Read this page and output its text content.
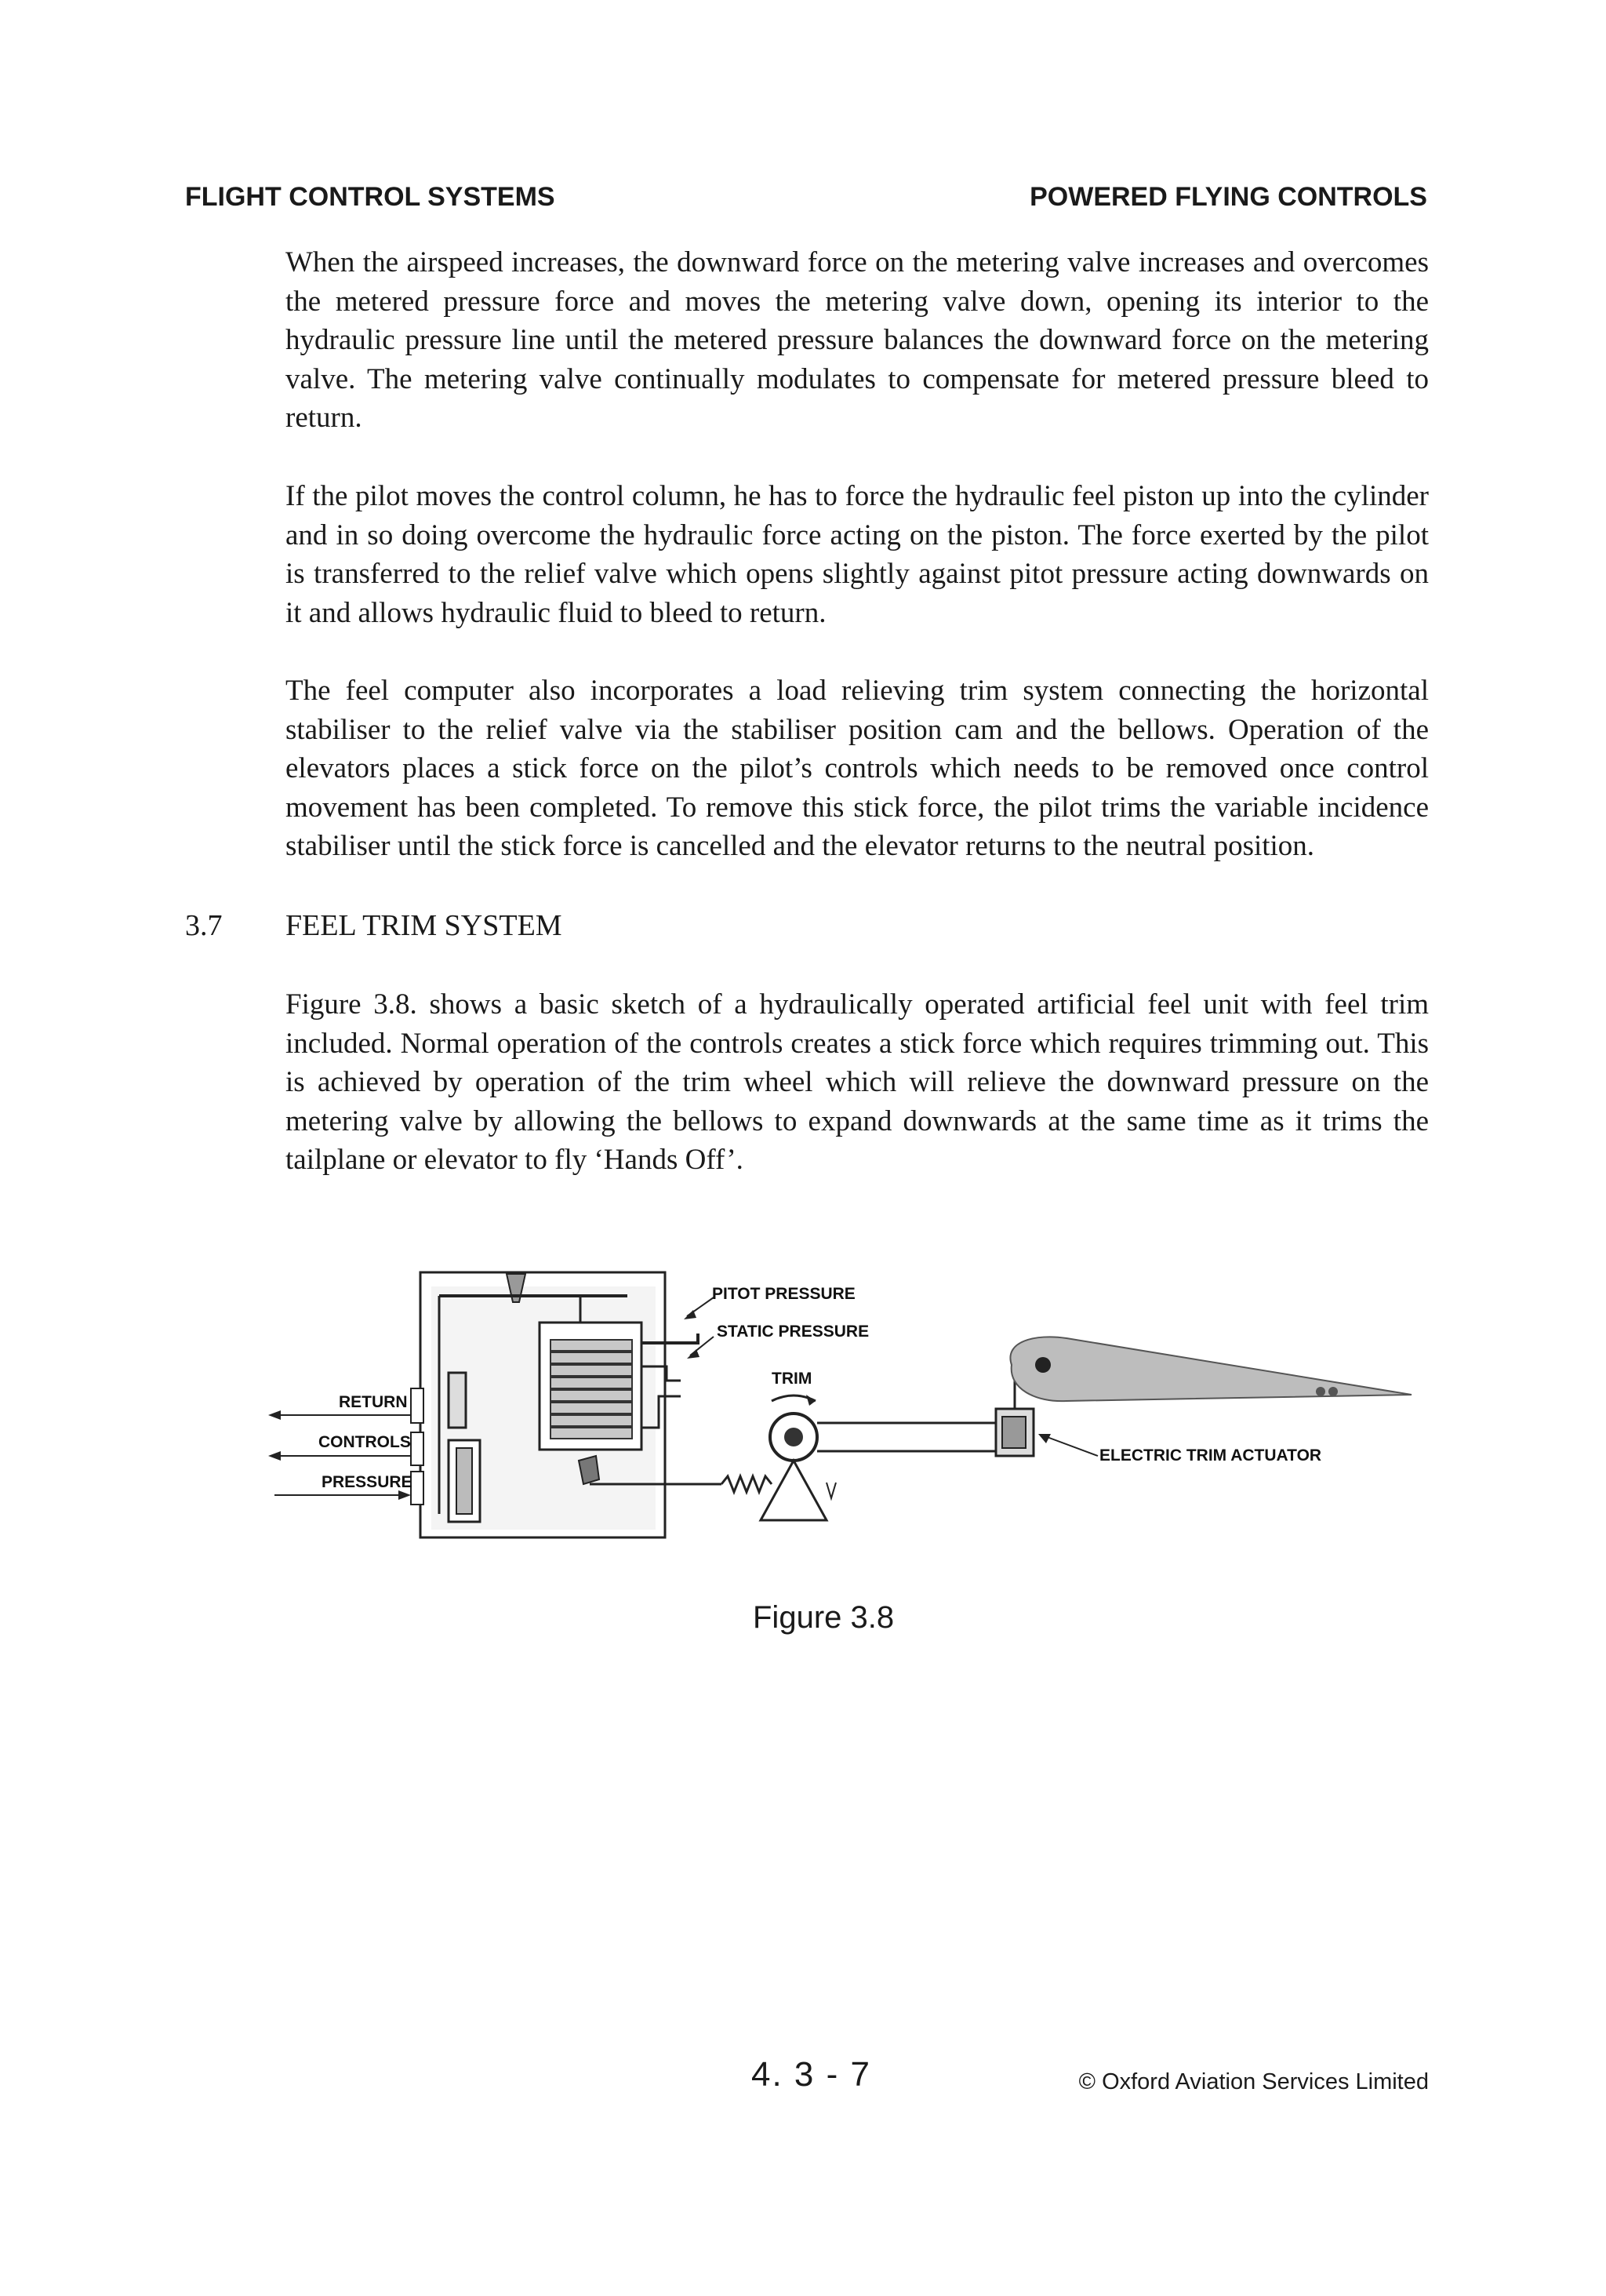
FLIGHT CONTROL SYSTEMS	POWERED FLYING CONTROLS

When the airspeed increases, the downward force on the metering valve increases and overcomes the metered pressure force and moves the metering valve down, opening its interior to the hydraulic pressure line until the metered pressure balances the downward force on the metering valve. The metering valve continually modulates to compensate for metered pressure bleed to return.

If the pilot moves the control column, he has to force the hydraulic feel piston up into the cylinder and in so doing overcome the hydraulic force acting on the piston. The force exerted by the pilot is transferred to the relief valve which opens slightly against pitot pressure acting downwards on it and allows hydraulic fluid to bleed to return.

The feel computer also incorporates a load relieving trim system connecting the horizontal stabiliser to the relief valve via the stabiliser position cam and the bellows. Operation of the elevators places a stick force on the pilot’s controls which needs to be removed once control movement has been completed. To remove this stick force, the pilot trims the variable incidence stabiliser until the stick force is cancelled and the elevator returns to the neutral position.

3.7 FEEL TRIM SYSTEM

Figure 3.8. shows a basic sketch of a hydraulically operated artificial feel unit with feel trim included. Normal operation of the controls creates a stick force which requires trimming out. This is achieved by operation of the trim wheel which will relieve the downward pressure on the metering valve by allowing the bellows to expand downwards at the same time as it trims the tailplane or elevator to fly ‘Hands Off’.

RETURN
CONTROLS
PRESSURE
PITOT PRESSURE
STATIC PRESSURE
TRIM
ELECTRIC TRIM ACTUATOR
Figure 3.8
4. 3 - 7	© Oxford Aviation Services Limited
